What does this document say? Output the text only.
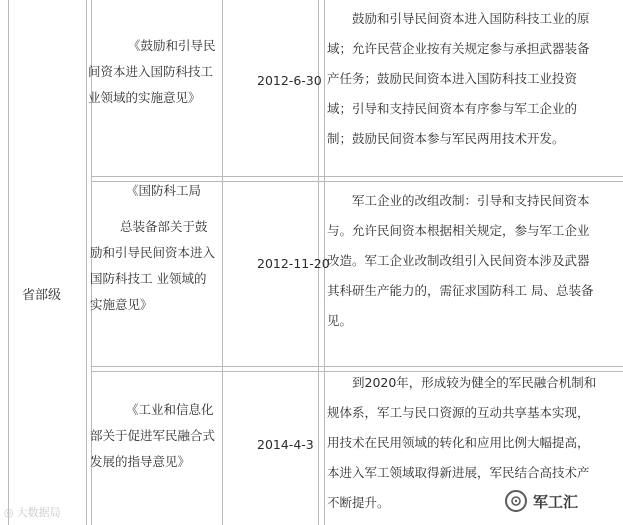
省部级
《鼓励和引导民
间资本进入国防科技工
业领域的实施意见》
2012-6-30
鼓励和引导民间资本进入国防科技工业的原
域；允许民营企业按有关规定参与承担武器装备
产任务；鼓励民间资本进入国防科技工业投资
域；引导和支持民间资本有序参与军工企业的
制；鼓励民间资本参与军民两用技术开发。
《国防科工局
总装备部关于鼓
励和引导民间资本进入
国防科技工 业领域的
实施意见》
2012-11-20
军工企业的改组改制：引导和支持民间资本
与。允许民间资本根据相关规定，参与军工企业
改造。军工企业改制改组引入民间资本涉及武器
其科研生产能力的，需征求国防科工 局、总装备
见。
《工业和信息化
部关于促进军民融合式
发展的指导意见》
2014-4-3
到2020年，形成较为健全的军民融合机制和
规体系，军工与民口资源的互动共享基本实现，
用技术在民用领域的转化和应用比例大幅提高，
本进入军工领域取得新进展，军民结合高技术产
不断提升。
◎ 大数据局
军工汇
